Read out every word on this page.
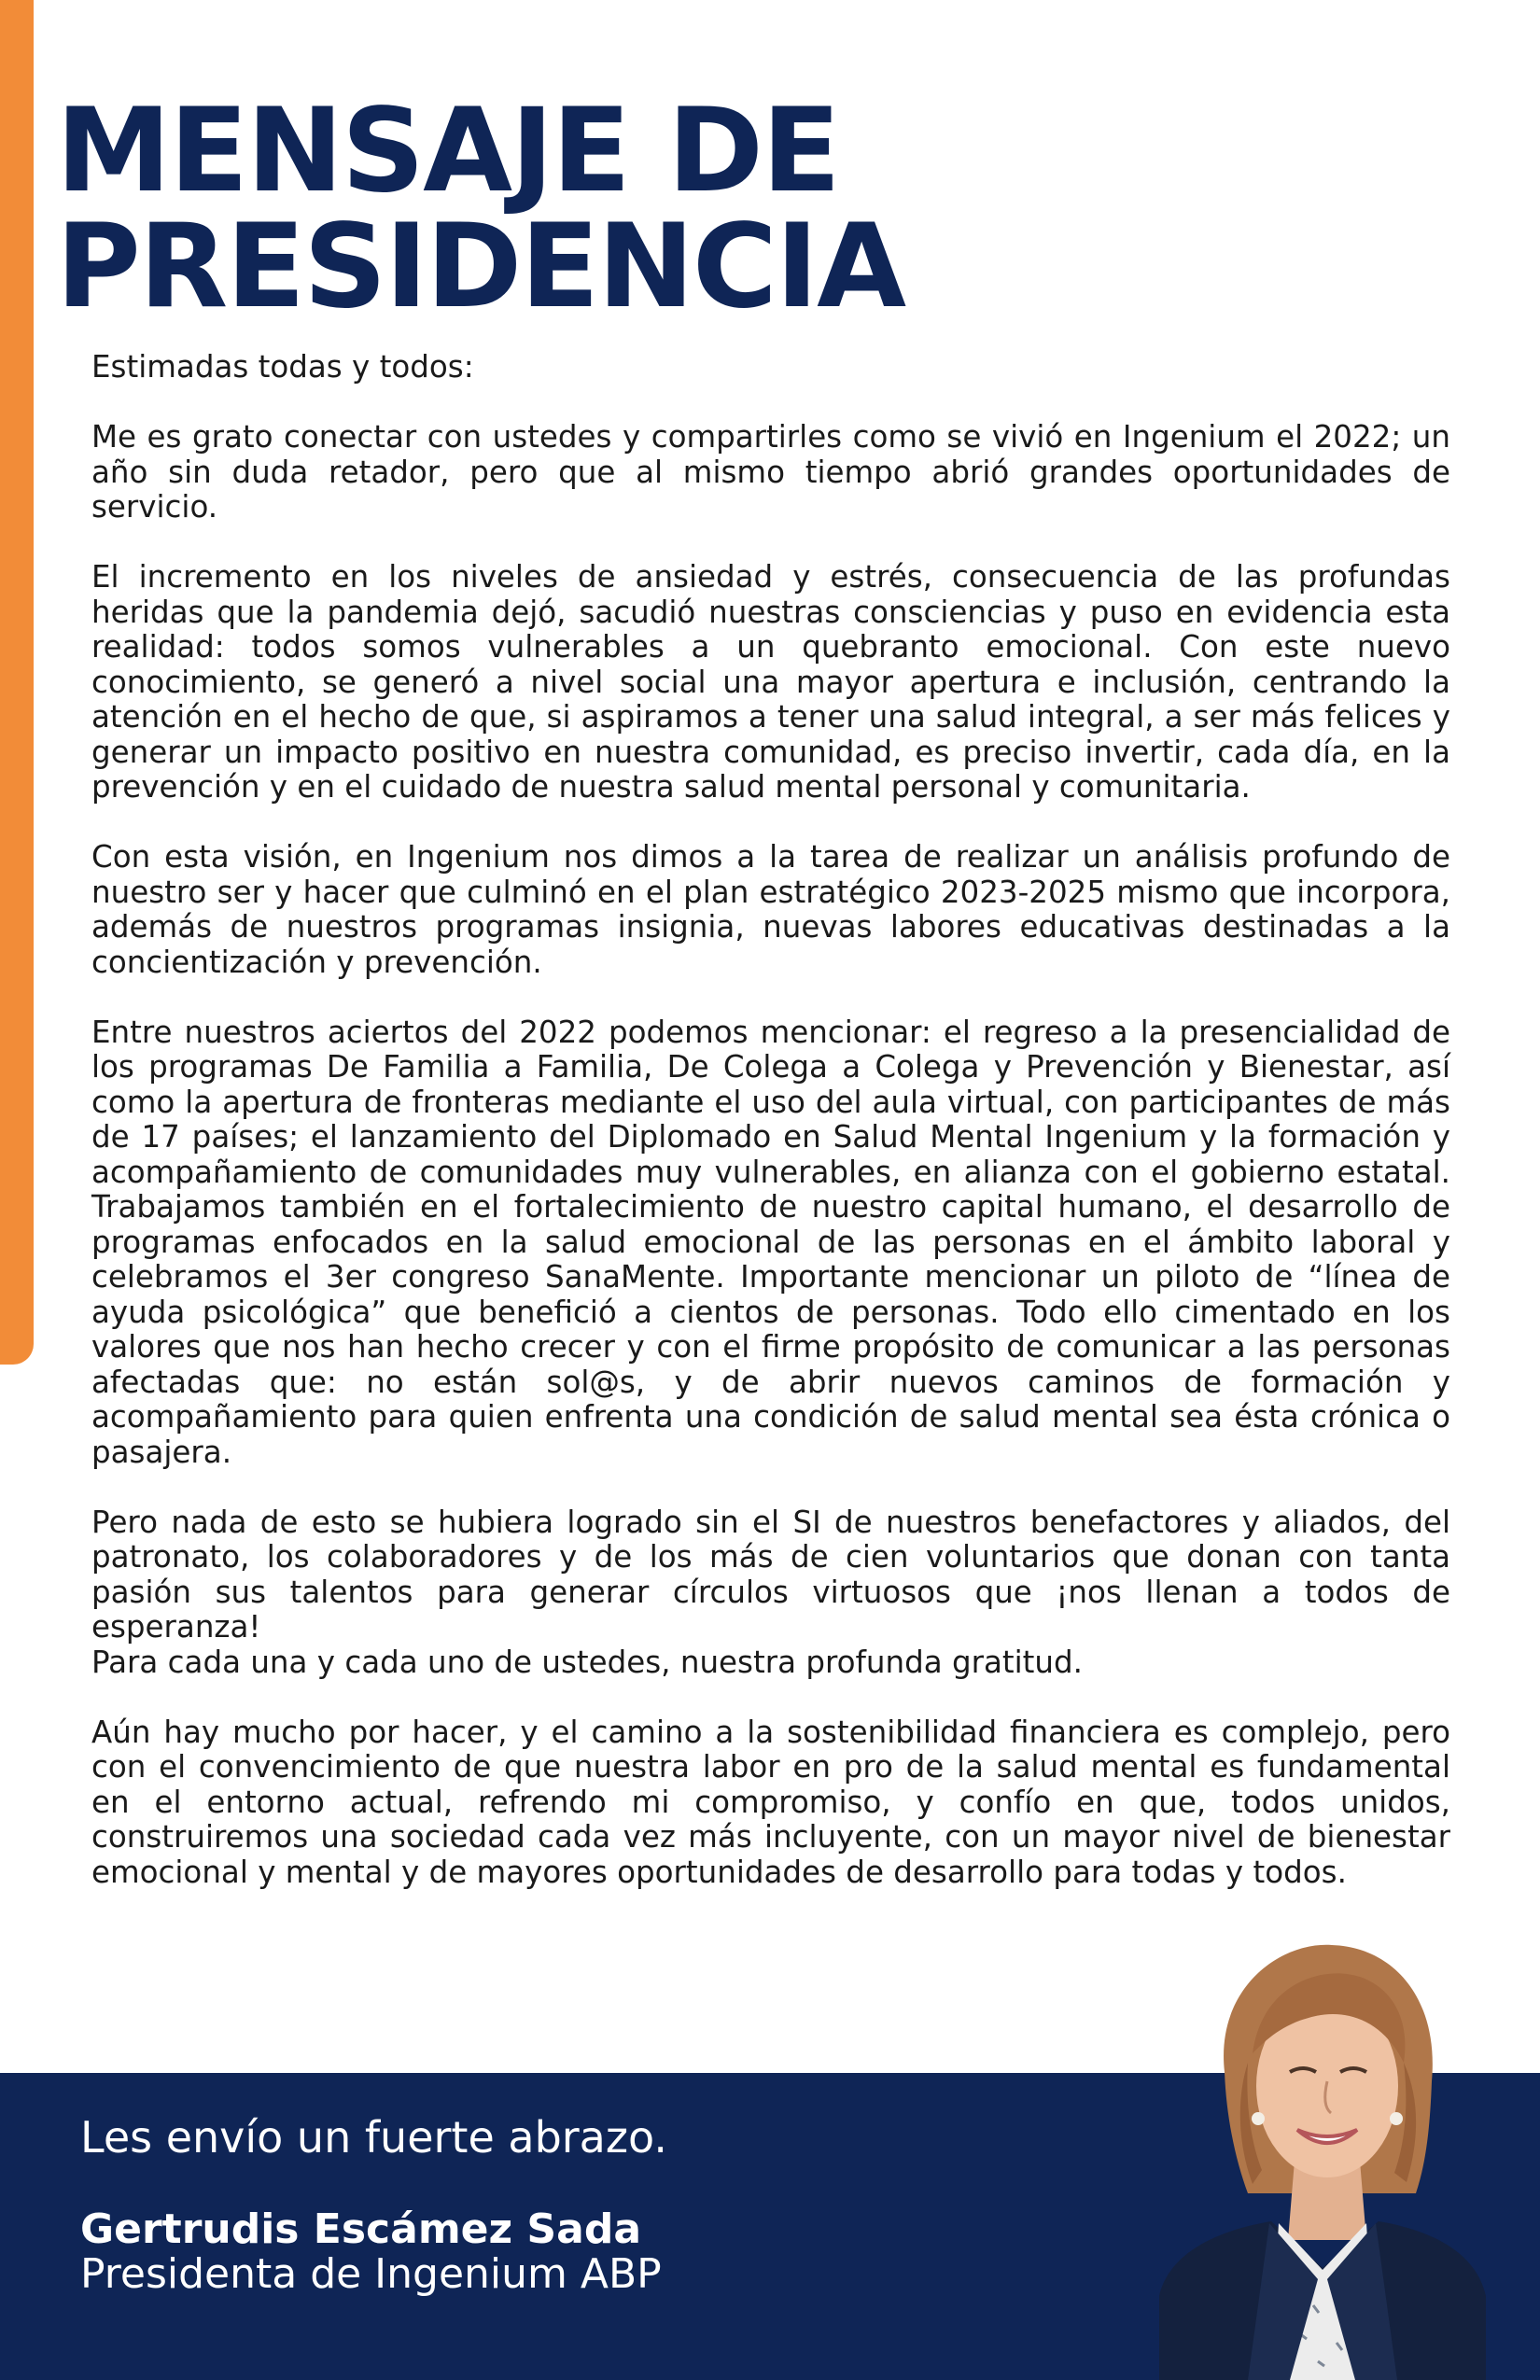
MENSAJE DE
PRESIDENCIA

Estimadas todas y todos:

Me es grato conectar con ustedes y compartirles como se vivió en Ingenium el 2022; un año sin duda retador, pero que al mismo tiempo abrió grandes oportunidades de servicio.

El incremento en los niveles de ansiedad y estrés, consecuencia de las profundas heridas que la pandemia dejó, sacudió nuestras consciencias y puso en evidencia esta realidad: todos somos vulnerables a un quebranto emocional. Con este nuevo conocimiento, se generó a nivel social una mayor apertura e inclusión, centrando la atención en el hecho de que, si aspiramos a tener una salud integral, a ser más felices y generar un impacto positivo en nuestra comunidad, es preciso invertir, cada día, en la prevención y en el cuidado de nuestra salud mental personal y comunitaria.

Con esta visión, en Ingenium nos dimos a la tarea de realizar un análisis profundo de nuestro ser y hacer que culminó en el plan estratégico 2023-2025 mismo que incorpora, además de nuestros programas insignia, nuevas labores educativas destinadas a la concientización y prevención.

Entre nuestros aciertos del 2022 podemos mencionar: el regreso a la presencialidad de los programas De Familia a Familia, De Colega a Colega y Prevención y Bienestar, así como la apertura de fronteras mediante el uso del aula virtual, con participantes de más de 17 países; el lanzamiento del Diplomado en Salud Mental Ingenium y la formación y acompañamiento de comunidades muy vulnerables, en alianza con el gobierno estatal. Trabajamos también en el fortalecimiento de nuestro capital humano, el desarrollo de programas enfocados en la salud emocional de las personas en el ámbito laboral y celebramos el 3er congreso SanaMente. Importante mencionar un piloto de “línea de ayuda psicológica” que benefició a cientos de personas. Todo ello cimentado en los valores que nos han hecho crecer y con el firme propósito de comunicar a las personas afectadas que: no están sol@s, y de abrir nuevos caminos de formación y acompañamiento para quien enfrenta una condición de salud mental sea ésta crónica o pasajera.

Pero nada de esto se hubiera logrado sin el SI de nuestros benefactores y aliados, del patronato, los colaboradores y de los más de cien voluntarios que donan con tanta pasión sus talentos para generar círculos virtuosos que ¡nos llenan a todos de esperanza!

Para cada una y cada uno de ustedes, nuestra profunda gratitud.

Aún hay mucho por hacer, y el camino a la sostenibilidad financiera es complejo, pero con el convencimiento de que nuestra labor en pro de la salud mental es fundamental en el entorno actual, refrendo mi compromiso, y confío en que, todos unidos, construiremos una sociedad cada vez más incluyente, con un mayor nivel de bienestar emocional y mental y de mayores oportunidades de desarrollo para todas y todos.

Les envío un fuerte abrazo.

Gertrudis Escámez Sada

Presidenta de Ingenium ABP
